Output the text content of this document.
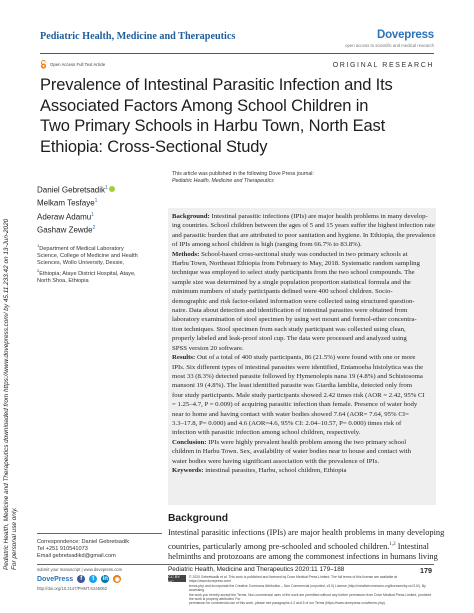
Pediatric Health, Medicine and Therapeutics downloaded from https://www.dovepress.com/ by 45.11.233.42 on 13-Jun-2020 For personal use only.
Pediatric Health, Medicine and Therapeutics	Dovepress
open access to scientific and medical research
Open Access Full Text Article	ORIGINAL RESEARCH
Prevalence of Intestinal Parasitic Infection and Its
Associated Factors Among School Children in
Two Primary Schools in Harbu Town, North East
Ethiopia: Cross-Sectional Study
This article was published in the following Dove Press journal:
Pediatric Health, Medicine and Therapeutics
Daniel Gebretsadik$^1$
Melkam Tesfaye$^1$
Aderaw Adamu$^1$
Gashaw Zewde$^2$
$^1$Department of Medical Laboratory
Science, College of Medicine and Health
Sciences, Wollo University, Dessie,
$^2$Ethiopia; Ataye District Hospital, Ataye,
North Shoa, Ethiopia
Background: Intestinal parasitic infections (IPIs) are major health problems in many develop-
ing countries. School children between the ages of 5 and 15 years suffer the highest infection rate
and parasitic burden that are attributed to poor sanitation and hygiene. In Ethiopia, the prevalence
of IPIs among school children is high (ranging from 66.7% to 83.8%).
Methods: School-based cross-sectional study was conducted in two primary schools at
Harbu Town, Northeast Ethiopia from February to May, 2018. Systematic random sampling
technique was employed to select study participants from the two school compounds. The
sample size was determined by a single population proportion statistical formula and the
minimum numbers of study participants defined were 400 school children. Socio-
demographic and risk factor-related information were collected using structured question-
naire. Data about detection and identification of intestinal parasites were obtained from
laboratory examination of stool specimen by using wet mount and formol-ether concentra-
tion techniques. Stool specimen from each study participant was collected using clean,
properly labeled and leak-proof stool cup. The data were processed and analyzed using
SPSS version 20 software.
Results: Out of a total of 400 study participants, 86 (21.5%) were found with one or more
IPIs. Six different types of intestinal parasites were identified, Entamoeba histolytica was the
most 33 (8.3%) detected parasite followed by Hymenolepis nana 19 (4.8%) and Schistosoma
mansoni 19 (4.8%). The least identified parasite was Giardia lamblia, detected only from
four study participants. Male study participants showed 2.42 times risk (AOR = 2.42, 95% CI
= 1.25–4.7, P = 0.009) of acquiring parasitic infection than female. Presence of water body
near to home and having contact with water bodies showed 7.64 (AOR= 7.64, 95% CI=
3.3–17.8, P= 0.000) and 4.6 (AOR=4.6, 95% CI: 2.04–10.57, P= 0.000) times risk of
infection with parasitic infection among school children, respectively.
Conclusion: IPIs were highly prevalent health problem among the two primary school
children in Harbu Town. Sex, availability of water bodies near to house and contact with
water bodies were having significant association with the prevalence of IPIs.
Keywords: intestinal parasites, Harbu, school children, Ethiopia
Background
Intestinal parasitic infections (IPIs) are major health problems in many developing
countries, particularly among pre-schooled and schooled children.$^{1,2}$ Intestinal
helminths and protozoans are among the commonest infections in humans living
Correspondence: Daniel Gebretsadik
Tel +251 910541073
Email gebretsadikd@gmail.com
submit your manuscript | www.dovepress.com
DovePress	f	t	in ◉
http://doi.org/10.2147/PHMT.S245062
Pediatric Health, Medicine and Therapeutics 2020:11 179–188	179
CC BY NC
© 2020 Gebretsadik et al. This work is published and licensed by Dove Medical Press Limited. The full terms of this license are available at https://www.dovepress.com/
terms.php and incorporate the Creative Commons Attribution – Non Commercial (unported, v3.0) License (http://creativecommons.org/licenses/by-nc/3.0/). By accessing
the work you hereby accept the Terms. Non-commercial uses of the work are permitted without any further permission from Dove Medical Press Limited, provided the work is properly attributed. For
permission for commercial use of this work, please see paragraphs 4.2 and 5 of our Terms (https://www.dovepress.com/terms.php).
